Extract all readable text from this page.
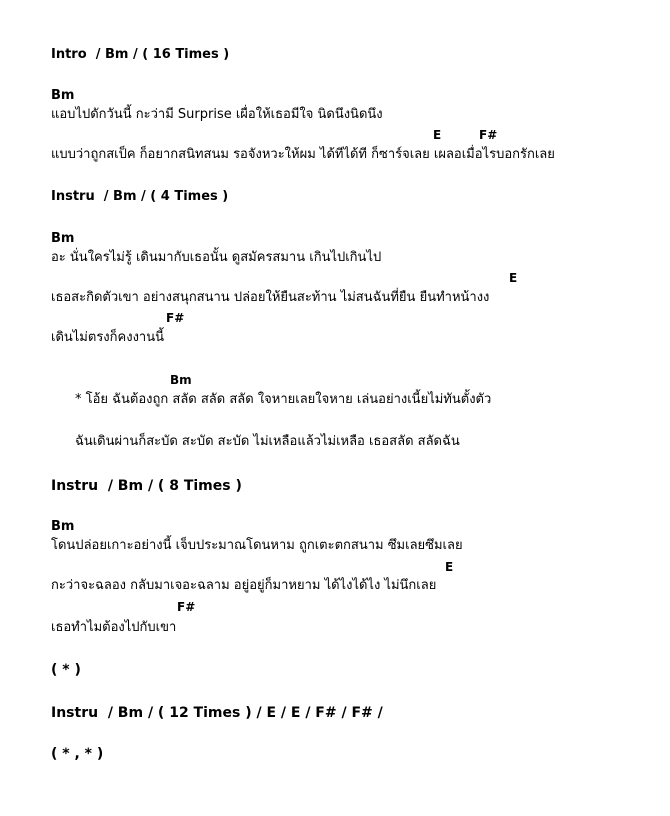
Intro  / Bm / ( 16 Times )
Bm
แอบไปดักวันนี้ กะว่ามี Surprise เผื่อให้เธอมีใจ นิดนึงนิดนึง
E	F#
แบบว่าถูกสเป็ค ก็อยากสนิทสนม รอจังหวะให้ผม ได้ทีได้ที ก็ซาร์จเลย เผลอเมื่อไรบอกรักเลย
Instru  / Bm / ( 4 Times )
Bm
อะ นั่นใครไม่รู้ เดินมากับเธอนั้น ดูสมัครสมาน เกินไปเกินไป
E
เธอสะกิดตัวเขา อย่างสนุกสนาน ปล่อยให้ยืนสะท้าน ไม่สนฉันที่ยืน ยืนทำหน้างง
F#
เดินไม่ตรงก็คงงานนี้
Bm
* โอ้ย ฉันต้องถูก สลัด สลัด สลัด ใจหายเลยใจหาย เล่นอย่างเนี้ยไม่ทันตั้งตัว
ฉันเดินผ่านก็สะบัด สะบัด สะบัด ไม่เหลือแล้วไม่เหลือ เธอสลัด สลัดฉัน
Instru  / Bm / ( 8 Times )
Bm
โดนปล่อยเกาะอย่างนี้ เจ็บประมาณโดนหาม ถูกเตะตกสนาม ซึมเลยซึมเลย
E
กะว่าจะฉลอง กลับมาเจอะฉลาม อยู่อยู่ก็มาหยาม ได้ไงได้ไง ไม่นึกเลย
F#
เธอทำไมต้องไปกับเขา
( * )
Instru  / Bm / ( 12 Times ) / E / E / F# / F# /
( * , * )
